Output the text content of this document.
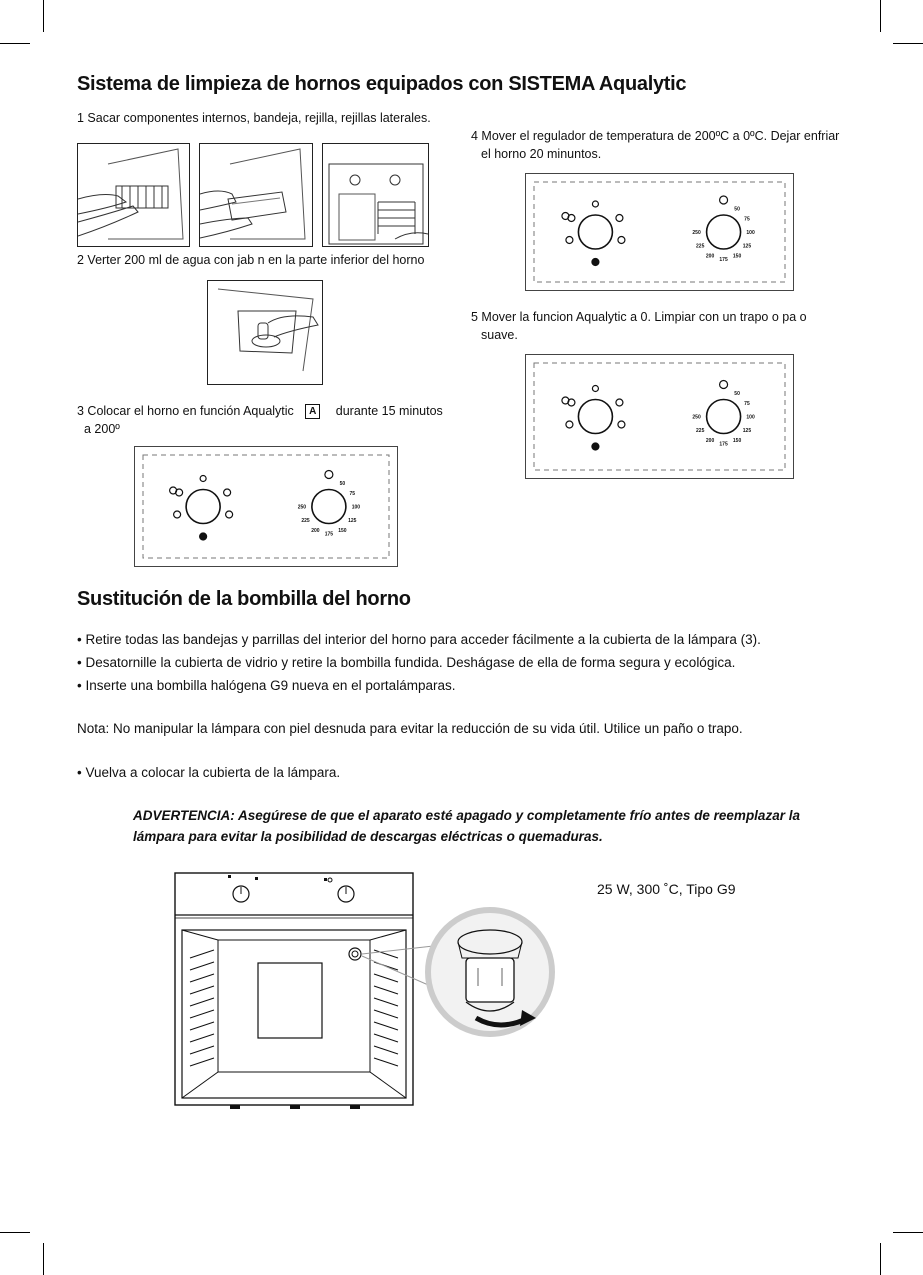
Sistema de limpieza de hornos equipados con SISTEMA Aqualytic
1 Sacar componentes internos, bandeja, rejilla, rejillas laterales.
2 Verter 200 ml de agua con jab n en la parte inferior del horno
3 Colocar el horno en función Aqualytic A durante 15 minutos
a 200º
50
75
100
125
150
175
200
225
250
4 Mover el regulador de temperatura de 200ºC a 0ºC. Dejar enfriar
el horno 20 minuntos.
50
75
100
125
150
175
200
225
250
5 Mover la funcion Aqualytic a 0. Limpiar con un trapo o pa o
suave.
50
75
100
125
150
175
200
225
250
Sustitución de la bombilla del horno
• Retire todas las bandejas y parrillas del interior del horno para acceder fácilmente a la cubierta de la lámpara (3).
• Desatornille la cubierta de vidrio y retire la bombilla fundida. Deshágase de ella de forma segura y ecológica.
• Inserte una bombilla halógena G9 nueva en el portalámparas.
Nota: No manipular la lámpara con piel desnuda para evitar la reducción de su vida útil. Utilice un paño o trapo.
• Vuelva a colocar la cubierta de la lámpara.
ADVERTENCIA: Asegúrese de que el aparato esté apagado y completamente frío antes de reemplazar la
lámpara para evitar la posibilidad de descargas eléctricas o quemaduras.
25 W, 300 ˚C, Tipo G9
